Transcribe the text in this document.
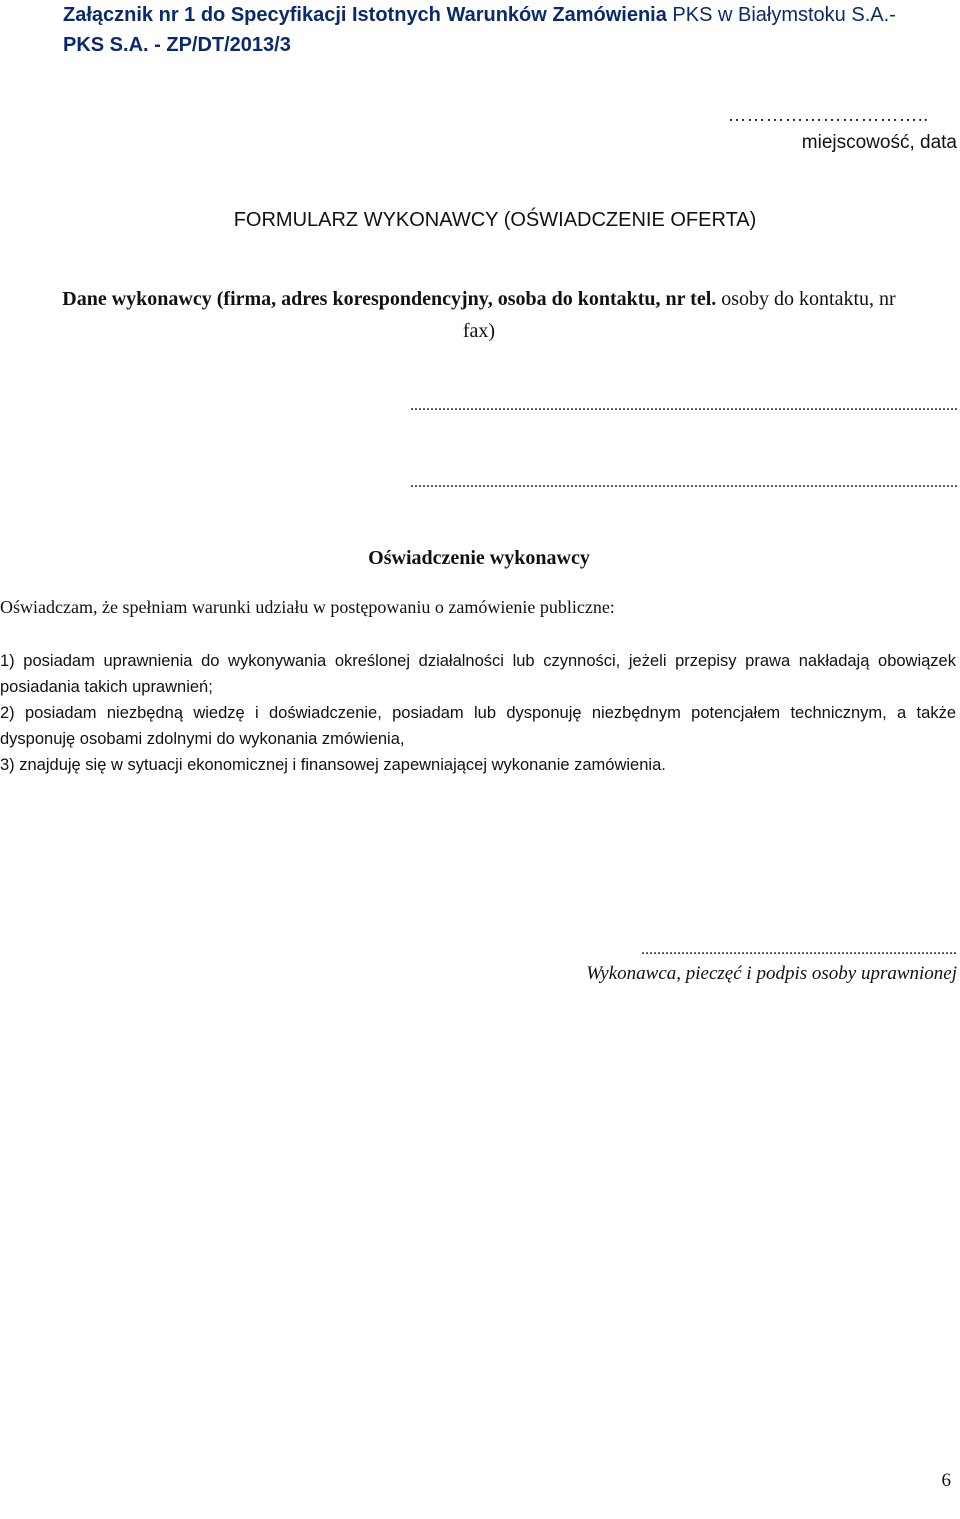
Załącznik nr 1 do Specyfikacji Istotnych Warunków Zamówienia PKS w Białymstoku S.A.-
PKS S.A. - ZP/DT/2013/3
…………………………..
miejscowość, data
FORMULARZ WYKONAWCY (OŚWIADCZENIE OFERTA)
Dane wykonawcy (firma, adres korespondencyjny, osoba do kontaktu, nr tel. osoby do kontaktu, nr
fax)
.........................................................................................................................................
.........................................................................................................................................
Oświadczenie wykonawcy
Oświadczam, że spełniam warunki udziału w postępowaniu o zamówienie publiczne:

1) posiadam uprawnienia do wykonywania określonej działalności lub czynności, jeżeli przepisy prawa nakładają obowiązek posiadania takich uprawnień;

2) posiadam niezbędną wiedzę i doświadczenie, posiadam lub dysponuję niezbędnym potencjałem technicznym, a także dysponuję osobami zdolnymi do wykonania zmówienia,

3) znajduję się w sytuacji ekonomicznej i finansowej zapewniającej wykonanie zamówienia.

...............................................................................
Wykonawca, pieczęć i podpis osoby uprawnionej
6
